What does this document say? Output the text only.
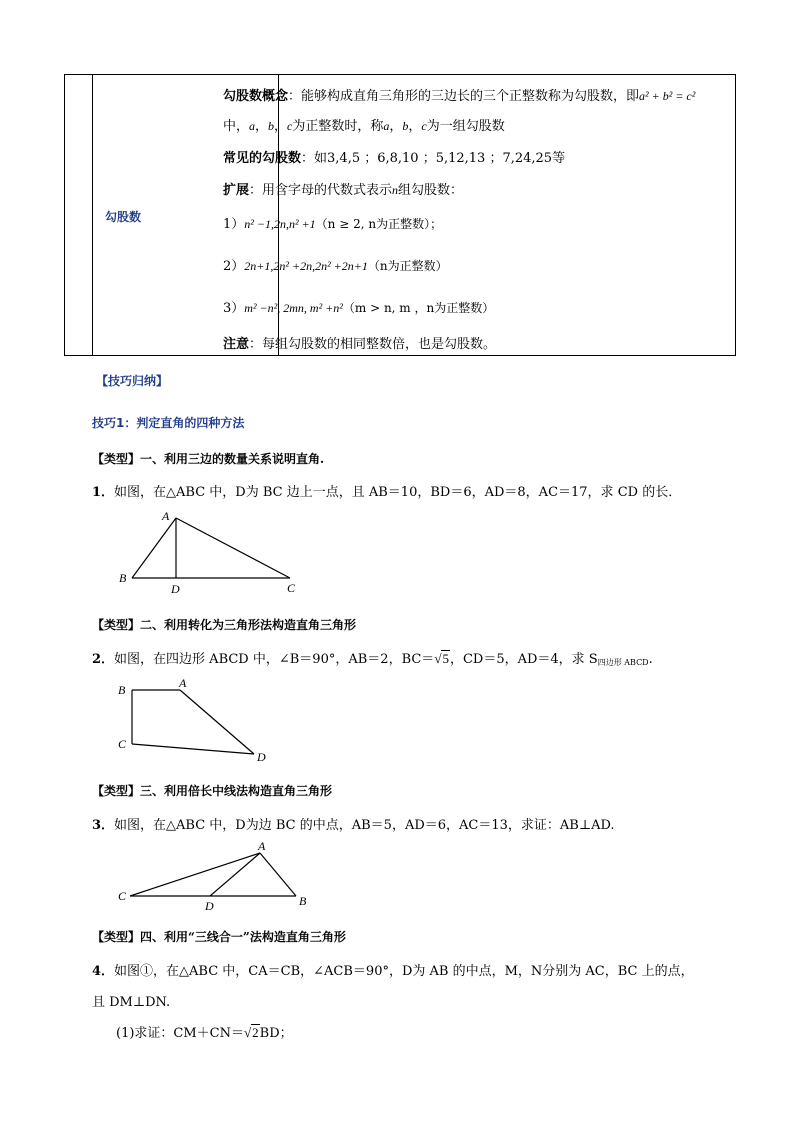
勾股数
勾股数概念：能够构成直角三角形的三边长的三个正整数称为勾股数，即a² + b² = c²
中，a，b，c为正整数时，称a，b，c为一组勾股数
常见的勾股数：如3,4,5 ；6,8,10 ；5,12,13 ；7,24,25等
扩展：用含字母的代数式表示n组勾股数：
1）n² −1,2n,n² +1（n ≥ 2, n为正整数）；
2）2n+1,2n² +2n,2n² +2n+1（n为正整数）
3）m² −n², 2mn, m² +n²（m > n, m ，n为正整数）
注意：每组勾股数的相同整数倍，也是勾股数。
【技巧归纳】
技巧1：判定直角的四种方法
【类型】一、利用三边的数量关系说明直角.
1．如图，在△ABC 中，D为 BC 边上一点，且 AB＝10，BD＝6，AD＝8，AC＝17，求 CD 的长．
A
B
D	C
【类型】二、利用转化为三角形法构造直角三角形
2．如图，在四边形 ABCD 中，∠B＝90°，AB＝2，BC＝√5，CD＝5，AD＝4，求 $S_{四边形 ABCD}$.
B	A
C
D
【类型】三、利用倍长中线法构造直角三角形
3．如图，在△ABC 中，D为边 BC 的中点，AB＝5，AD＝6，AC＝13，求证：AB⊥AD.
A
C
D	B
【类型】四、利用“三线合一”法构造直角三角形
4．如图①，在△ABC 中，CA＝CB，∠ACB＝90°，D为 AB 的中点，M，N分别为 AC，BC 上的点，
且 DM⊥DN.
(1)求证：CM＋CN＝√2BD；
